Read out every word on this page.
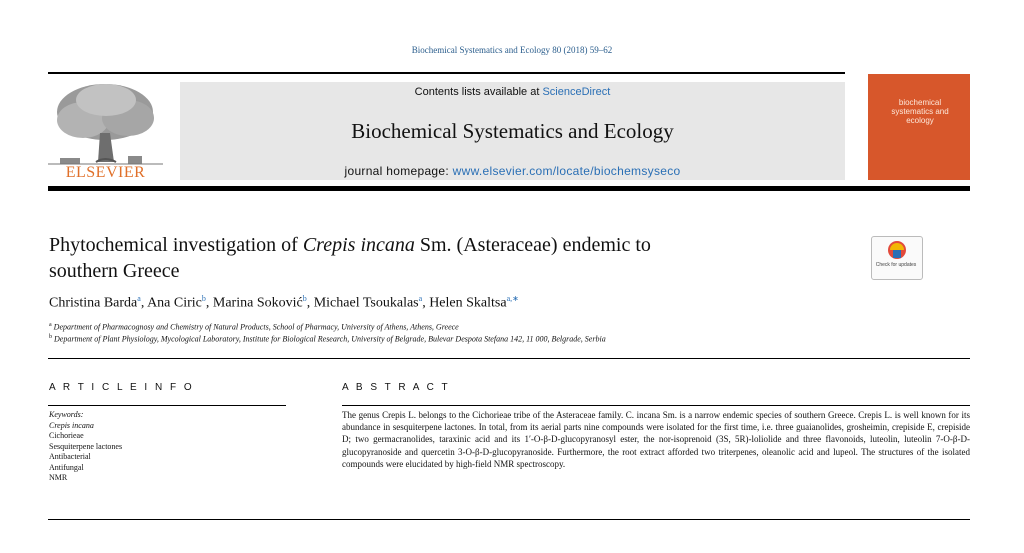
Biochemical Systematics and Ecology 80 (2018) 59–62
ELSEVIER
Contents lists available at ScienceDirect
Biochemical Systematics and Ecology
journal homepage: www.elsevier.com/locate/biochemsyseco
biochemical systematics and ecology
Phytochemical investigation of Crepis incana Sm. (Asteraceae) endemic to
southern Greece	Check for updates
Christina Barda$^a$, Ana Ciric$^b$, Marina Soković$^b$, Michael Tsoukalas$^a$, Helen Skaltsa$^{a,∗}$
$^a$ Department of Pharmacognosy and Chemistry of Natural Products, School of Pharmacy, University of Athens, Athens, Greece
$^b$ Department of Plant Physiology, Mycological Laboratory, Institute for Biological Research, University of Belgrade, Bulevar Despota Stefana 142, 11 000, Belgrade, Serbia
A R T I C L E I N F O
Keywords:
Crepis incana
Cichorieae
Sesquiterpene lactones
Antibacterial
Antifungal
NMR
A B S T R A C T
The genus Crepis L. belongs to the Cichorieae tribe of the Asteraceae family. C. incana Sm. is a narrow endemic species of southern Greece. Crepis L. is well known for its abundance in sesquiterpene lactones. In total, from its aerial parts nine compounds were isolated for the first time, i.e. three guaianolides, grosheimin, crepiside E, crepiside D; two germacranolides, taraxinic acid and its 1′-O-β-D-glucopyranosyl ester, the nor-isoprenoid (3S, 5R)-loliolide and three flavonoids, luteolin, luteolin 7-O-β-D-glucopyranoside and quercetin 3-O-β-D-glucopyranoside. Furthermore, the root extract afforded two triterpenes, oleanolic acid and lupeol. The structures of the isolated compounds were elucidated by high-field NMR spectroscopy.
